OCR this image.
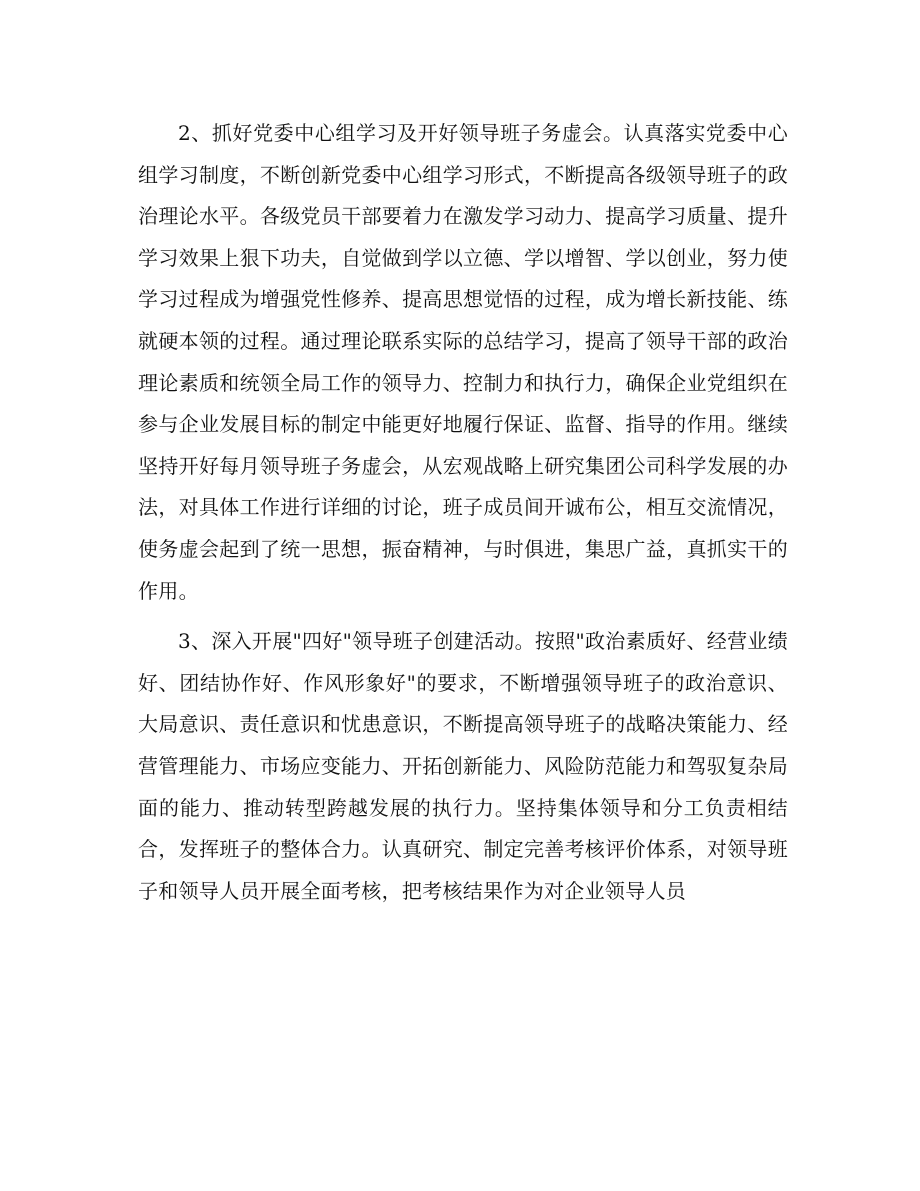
2、抓好党委中心组学习及开好领导班子务虚会。认真落实党委中心组学习制度，不断创新党委中心组学习形式，不断提高各级领导班子的政治理论水平。各级党员干部要着力在激发学习动力、提高学习质量、提升学习效果上狠下功夫，自觉做到学以立德、学以增智、学以创业，努力使学习过程成为增强党性修养、提高思想觉悟的过程，成为增长新技能、练就硬本领的过程。通过理论联系实际的总结学习，提高了领导干部的政治理论素质和统领全局工作的领导力、控制力和执行力，确保企业党组织在参与企业发展目标的制定中能更好地履行保证、监督、指导的作用。继续坚持开好每月领导班子务虚会，从宏观战略上研究集团公司科学发展的办法，对具体工作进行详细的讨论，班子成员间开诚布公，相互交流情况，使务虚会起到了统一思想，振奋精神，与时俱进，集思广益，真抓实干的作用。

3、深入开展"四好"领导班子创建活动。按照"政治素质好、经营业绩好、团结协作好、作风形象好"的要求，不断增强领导班子的政治意识、大局意识、责任意识和忧患意识，不断提高领导班子的战略决策能力、经营管理能力、市场应变能力、开拓创新能力、风险防范能力和驾驭复杂局面的能力、推动转型跨越发展的执行力。坚持集体领导和分工负责相结合，发挥班子的整体合力。认真研究、制定完善考核评价体系，对领导班子和领导人员开展全面考核，把考核结果作为对企业领导人员
